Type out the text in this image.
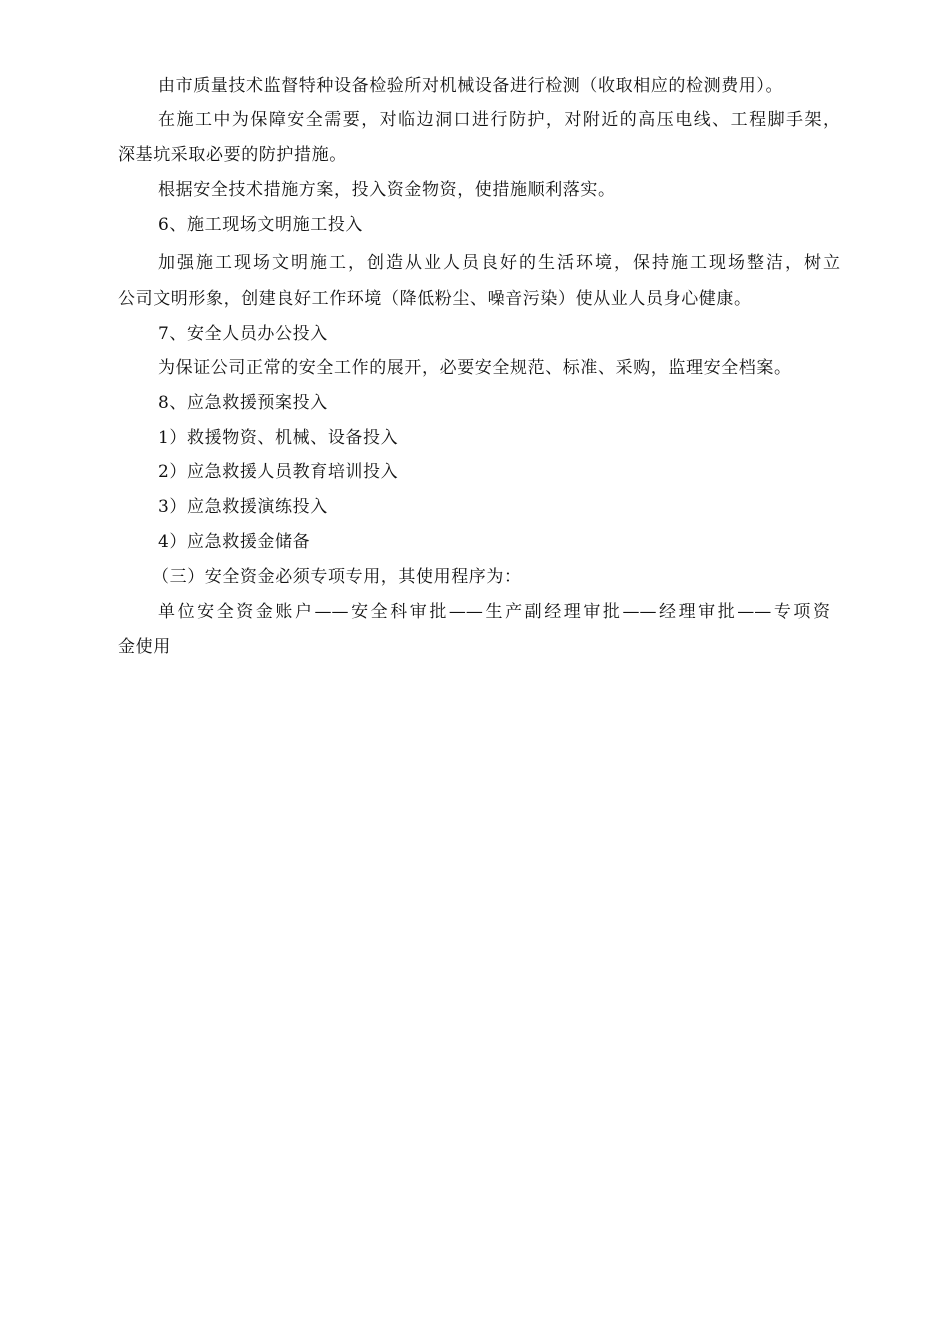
由市质量技术监督特种设备检验所对机械设备进行检测（收取相应的检测费用）。
在施工中为保障安全需要，对临边洞口进行防护，对附近的高压电线、工程脚手架，
深基坑采取必要的防护措施。
根据安全技术措施方案，投入资金物资，使措施顺利落实。
6、施工现场文明施工投入
加强施工现场文明施工，创造从业人员良好的生活环境，保持施工现场整洁，树立
公司文明形象，创建良好工作环境（降低粉尘、噪音污染）使从业人员身心健康。
7、安全人员办公投入
为保证公司正常的安全工作的展开，必要安全规范、标准、采购，监理安全档案。
8、应急救援预案投入
1）救援物资、机械、设备投入
2）应急救援人员教育培训投入
3）应急救援演练投入
4）应急救援金储备
（三）安全资金必须专项专用，其使用程序为：
单位安全资金账户——安全科审批——生产副经理审批——经理审批——专项资
金使用
